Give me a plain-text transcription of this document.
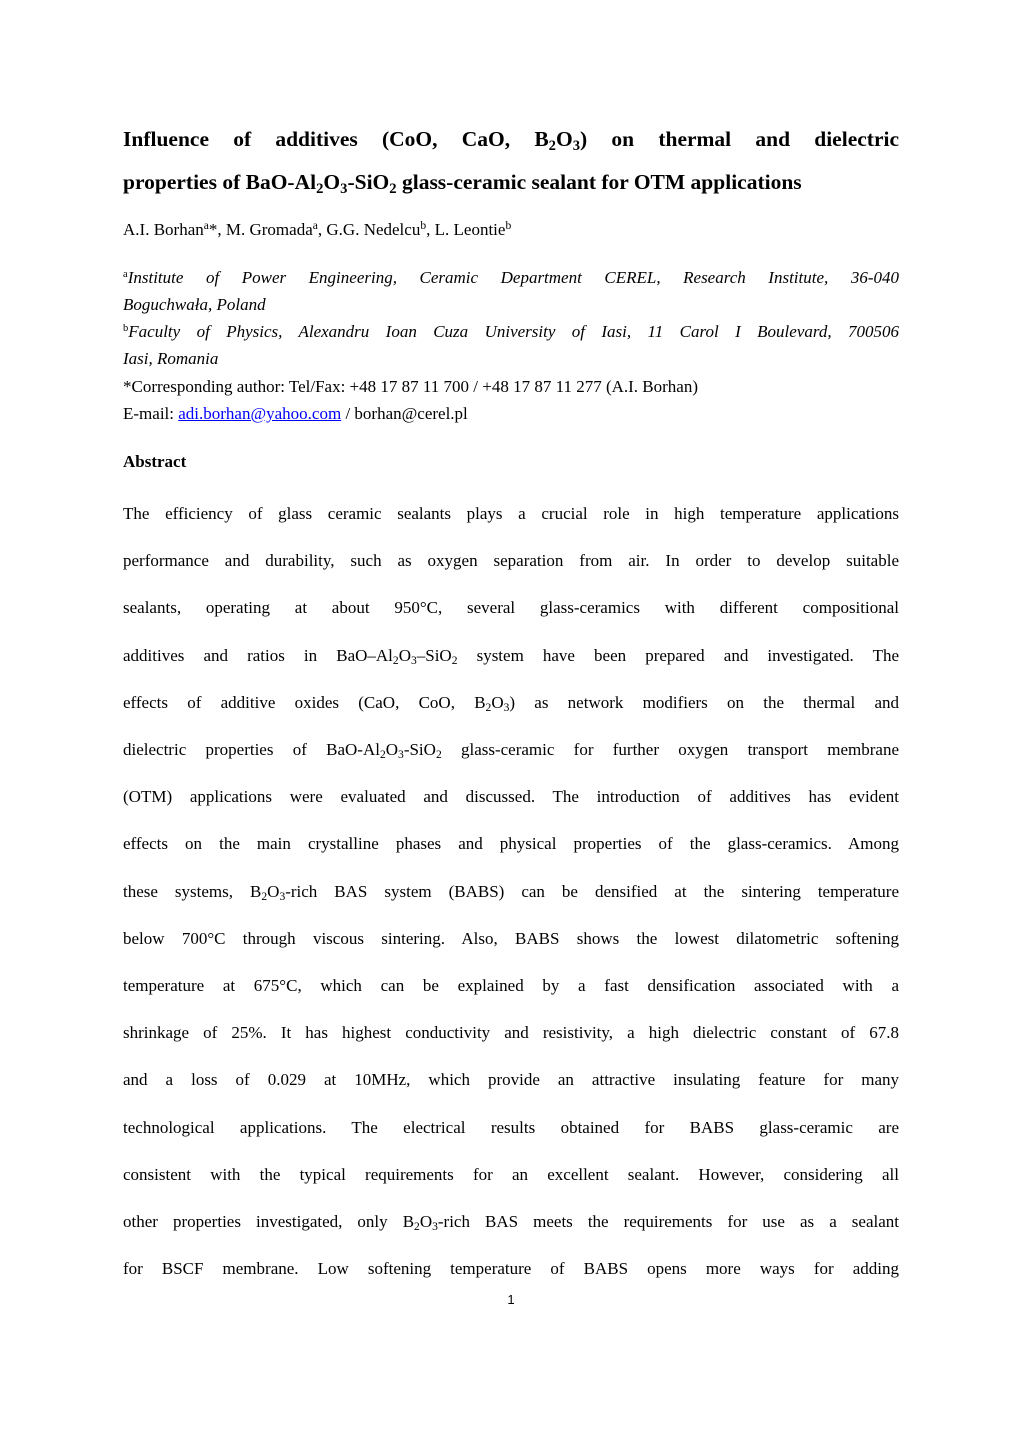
Influence of additives (CoO, CaO, $B_2O_3$) on thermal and dielectric
properties of BaO-$Al_2O_3-SiO_2$ glass-ceramic sealant for OTM applications

A.I. Borhan$^a$*, M. Gromada$^a$, G.G. Nedelcu$^b$, L. Leontie$^b$

$^a$Institute of Power Engineering, Ceramic Department CEREL, Research Institute, 36-040
Boguchwała, Poland
$^b$Faculty of Physics, Alexandru Ioan Cuza University of Iasi, 11 Carol I Boulevard, 700506
Iasi, Romania
*Corresponding author: Tel/Fax: +48 17 87 11 700 / +48 17 87 11 277 (A.I. Borhan)
E-mail: adi.borhan@yahoo.com / borhan@cerel.pl
Abstract
The efficiency of glass ceramic sealants plays a crucial role in high temperature applications
performance and durability, such as oxygen separation from air. In order to develop suitable
sealants, operating at about 950°C, several glass-ceramics with different compositional
additives and ratios in BaO–$Al_2O_3-SiO_2$ system have been prepared and investigated. The
effects of additive oxides (CaO, CoO, $B_2O_3$) as network modifiers on the thermal and
dielectric properties of BaO-$Al_2O_3-SiO_2$ glass-ceramic for further oxygen transport membrane
(OTM) applications were evaluated and discussed. The introduction of additives has evident
effects on the main crystalline phases and physical properties of the glass-ceramics. Among
these systems, $B_2O_3$-rich BAS system (BABS) can be densified at the sintering temperature
below 700°C through viscous sintering. Also, BABS shows the lowest dilatometric softening
temperature at 675°C, which can be explained by a fast densification associated with a
shrinkage of 25%. It has highest conductivity and resistivity, a high dielectric constant of 67.8
and a loss of 0.029 at 10MHz, which provide an attractive insulating feature for many
technological applications. The electrical results obtained for BABS glass-ceramic are
consistent with the typical requirements for an excellent sealant. However, considering all
other properties investigated, only $B_2O_3$-rich BAS meets the requirements for use as a sealant
for BSCF membrane. Low softening temperature of BABS opens more ways for adding

1
